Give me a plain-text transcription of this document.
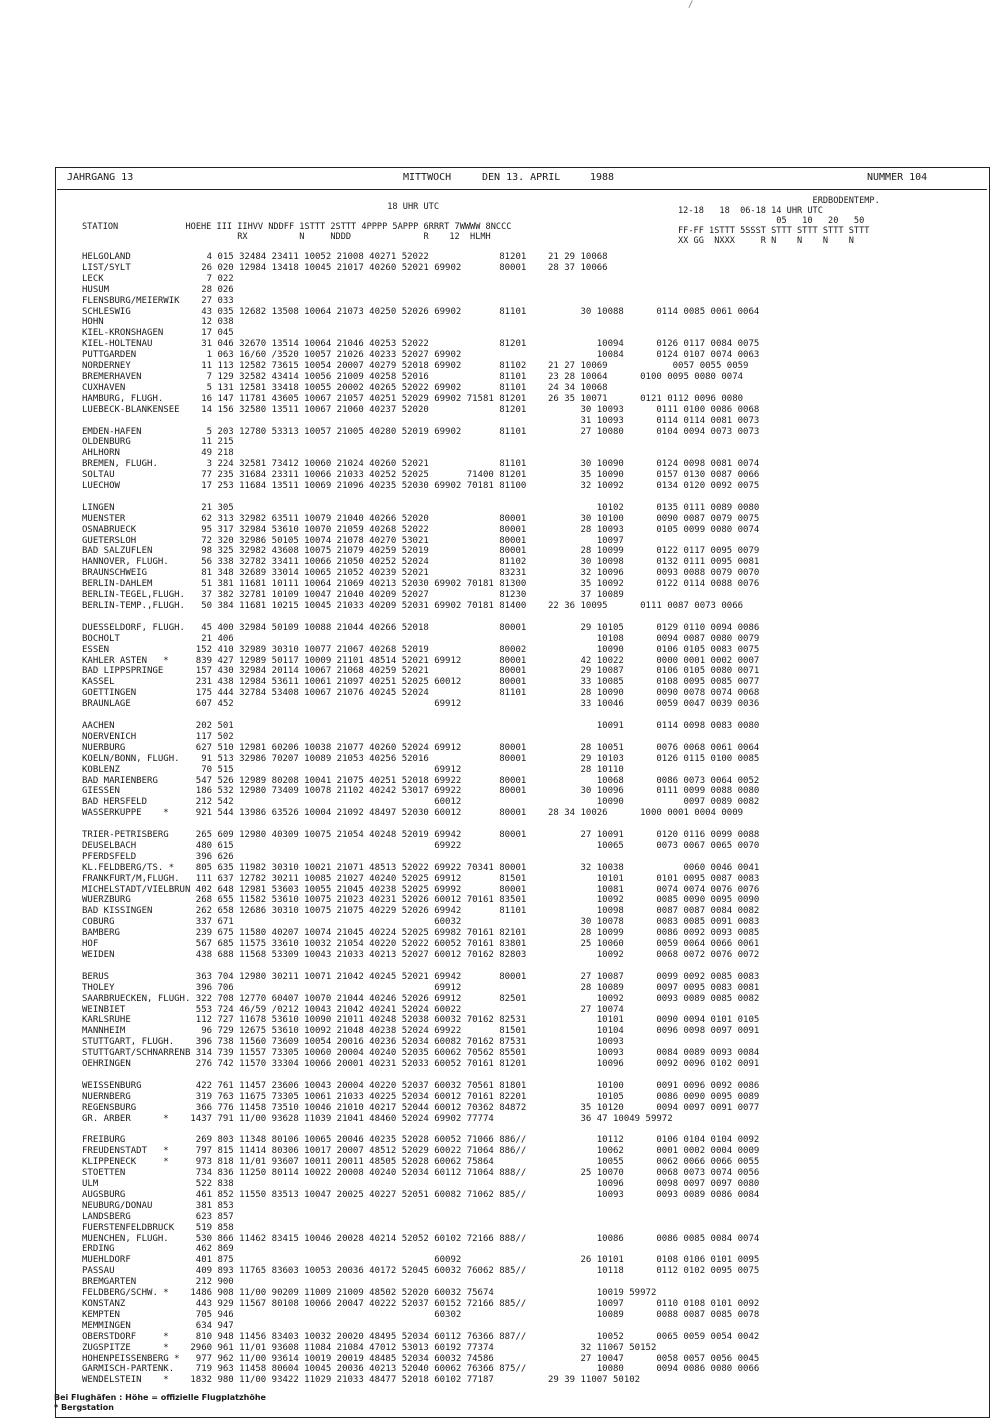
/
JAHRGANG 13	MITTWOCH	DEN 13. APRIL	1988	NUMMER 104
18 UHR UTC

STATION             HOEHE III IIHVV NDDFF 1STTT 2STTT 4PPPP 5APPP 6RRRT 7WWWW 8NCCC
RX          N     NDDD              R    12  HLMH
ERDBODENTEMP.
12-18   18  06-18 14 UHR UTC
05   10   20   50
FF-FF 1STTT 5SSST STTT STTT STTT STTT
XX GG  NXXX     R N    N    N    N
HELGOLAND              4 015 32484 23411 10052 21008 40271 52022             81201    21 29 10068
LIST/SYLT             26 020 12984 13418 10045 21017 40260 52021 69902       80001    28 37 10066
LECK                   7 022
HUSUM                 28 026
FLENSBURG/MEIERWIK    27 033
SCHLESWIG             43 035 12682 13508 10064 21073 40250 52026 69902       81101          30 10088      0114 0085 0061 0064
HOHN                  12 038
KIEL-KRONSHAGEN       17 045
KIEL-HOLTENAU         31 046 32670 13514 10064 21046 40253 52022             81201             10094      0126 0117 0084 0075
PUTTGARDEN             1 063 16/60 /3520 10057 21026 40233 52027 69902                         10084      0124 0107 0074 0063
NORDERNEY             11 113 12582 73615 10054 20007 40279 52018 69902       81102    21 27 10069            0057 0055 0059
BREMERHAVEN            7 129 32582 43414 10056 21009 40258 52016             81101    23 28 10064      0100 0095 0080 0074
CUXHAVEN               5 131 12581 33418 10055 20002 40265 52022 69902       81101    24 34 10068
HAMBURG, FLUGH.       16 147 11781 43605 10067 21057 40251 52029 69902 71581 81201    26 35 10071      0121 0112 0096 0080
LUEBECK-BLANKENSEE    14 156 32580 13511 10067 21060 40237 52020             81201          30 10093      0111 0100 0086 0068
31 10093      0114 0114 0081 0073
EMDEN-HAFEN            5 203 12780 53313 10057 21005 40280 52019 69902       81101          27 10080      0104 0094 0073 0073
OLDENBURG             11 215
AHLHORN               49 218
BREMEN, FLUGH.         3 224 32581 73412 10060 21024 40260 52021             81101          30 10090      0124 0098 0081 0074
SOLTAU                77 235 31684 23311 10066 21033 40252 52025       71400 81201          35 10090      0157 0130 0087 0066
LUECHOW               17 253 11684 13511 10069 21096 40235 52030 69902 70181 81100          32 10092      0134 0120 0092 0075

LINGEN                21 305                                                                   10102      0135 0111 0089 0080
MUENSTER              62 313 32982 63511 10079 21040 40266 52020             80001          30 10100      0090 0087 0079 0075
OSNABRUECK            95 317 32984 53610 10070 21059 40268 52022             80001          28 10093      0105 0099 0080 0074
GUETERSLOH            72 320 32986 50105 10074 21078 40270 53021             80001             10097
BAD SALZUFLEN         98 325 32982 43608 10075 21079 40259 52019             80001          28 10099      0122 0117 0095 0079
HANNOVER, FLUGH.      56 338 32782 33411 10066 21050 40252 52024             81102          30 10098      0132 0111 0095 0081
BRAUNSCHWEIG          81 348 32689 33014 10065 21052 40239 52021             83231          32 10096      0093 0088 0079 0070
BERLIN-DAHLEM         51 381 11681 10111 10064 21069 40213 52030 69902 70181 81300          35 10092      0122 0114 0088 0076
BERLIN-TEGEL,FLUGH.   37 382 32781 10109 10047 21040 40209 52027             81230          37 10089
BERLIN-TEMP.,FLUGH.   50 384 11681 10215 10045 21033 40209 52031 69902 70181 81400    22 36 10095      0111 0087 0073 0066

DUESSELDORF, FLUGH.   45 400 32984 50109 10088 21044 40266 52018             80001          29 10105      0129 0110 0094 0086
BOCHOLT               21 406                                                                   10108      0094 0087 0080 0079
ESSEN                152 410 32989 30310 10077 21067 40268 52019             80002             10090      0106 0105 0083 0075
KAHLER ASTEN   *     839 427 12989 50117 10009 21101 48514 52021 69912       80001          42 10022      0000 0001 0002 0007
BAD LIPPSPRINGE      157 430 32984 20114 10067 21068 40259 52021             80001          29 10087      0106 0105 0080 0071
KASSEL               231 438 12984 53611 10061 21097 40251 52025 60012       80001          33 10085      0108 0095 0085 0077
GOETTINGEN           175 444 32784 53408 10067 21076 40245 52024             81101          28 10090      0090 0078 0074 0068
BRAUNLAGE            607 452                                     69912                      33 10046      0059 0047 0039 0036

AACHEN               202 501                                                                   10091      0114 0098 0083 0080
NOERVENICH           117 502
NUERBURG             627 510 12981 60206 10038 21077 40260 52024 69912       80001          28 10051      0076 0068 0061 0064
KOELN/BONN, FLUGH.    91 513 32986 70207 10089 21053 40256 52016             80001          29 10103      0126 0115 0100 0085
KOBLENZ               70 515                                     69912                      28 10110
BAD MARIENBERG       547 526 12989 80208 10041 21075 40251 52018 69922       80001             10068      0086 0073 0064 0052
GIESSEN              186 532 12980 73409 10078 21102 40242 53017 69922       80001          30 10096      0111 0099 0088 0080
BAD HERSFELD         212 542                                     60012                         10090           0097 0089 0082
WASSERKUPPE    *     921 544 13986 63526 10004 21092 48497 52030 60012       80001    28 34 10026      1000 0001 0004 0009

TRIER-PETRISBERG     265 609 12980 40309 10075 21054 40248 52019 69942       80001          27 10091      0120 0116 0099 0088
DEUSELBACH           480 615                                     69922                         10065      0073 0067 0065 0070
PFERDSFELD           396 626
KL.FELDBERG/TS. *    805 635 11982 30310 10021 21071 48513 52022 69922 70341 80001          32 10038           0060 0046 0041
FRANKFURT/M,FLUGH.   111 637 12782 30211 10085 21027 40240 52025 69912       81501             10101      0101 0095 0087 0083
MICHELSTADT/VIELBRUN 402 648 12981 53603 10055 21045 40238 52025 69992       80001             10081      0074 0074 0076 0076
WUERZBURG            268 655 11582 53610 10075 21023 40231 52026 60012 70161 83501             10092      0085 0090 0095 0090
BAD KISSINGEN        262 658 12686 30310 10075 21075 40229 52026 69942       81101             10098      0087 0087 0084 0082
COBURG               337 671                                     60032                      30 10078      0083 0085 0091 0083
BAMBERG              239 675 11580 40207 10074 21045 40224 52025 69982 70161 82101          28 10099      0086 0092 0093 0085
HOF                  567 685 11575 33610 10032 21054 40220 52022 60052 70161 83801          25 10060      0059 0064 0066 0061
WEIDEN               438 688 11568 53309 10043 21033 40213 52027 60012 70162 82803             10092      0068 0072 0076 0072

BERUS                363 704 12980 30211 10071 21042 40245 52021 69942       80001          27 10087      0099 0092 0085 0083
THOLEY               396 706                                     69912                      28 10089      0097 0095 0083 0081
SAARBRUECKEN, FLUGH. 322 708 12770 60407 10070 21044 40246 52026 69912       82501             10092      0093 0089 0085 0082
WEINBIET             553 724 46/59 /0212 10043 21042 40241 52024 60022                      27 10074
KARLSRUHE            112 727 11678 53610 10090 21011 40248 52038 60032 70162 82531             10101      0090 0094 0101 0105
MANNHEIM              96 729 12675 53610 10092 21048 40238 52024 69922       81501             10104      0096 0098 0097 0091
STUTTGART, FLUGH.    396 738 11560 73609 10054 20016 40236 52034 60082 70162 87531             10093
STUTTGART/SCHNARRENB 314 739 11557 73305 10060 20004 40240 52035 60062 70562 85501             10093      0084 0089 0093 0084
OEHRINGEN            276 742 11570 33304 10066 20001 40231 52033 60052 70161 81201             10096      0092 0096 0102 0091

WEISSENBURG          422 761 11457 23606 10043 20004 40220 52037 60032 70561 81801             10100      0091 0096 0092 0086
NUERNBERG            319 763 11675 73305 10061 21033 40225 52034 60012 70161 82201             10105      0086 0090 0095 0089
REGENSBURG           366 776 11458 73510 10046 21010 40217 52044 60012 70362 84872          35 10120      0094 0097 0091 0077
GR. ARBER      *    1437 791 11/00 93628 11039 21041 48460 52024 69902 77774                36 47 10049 59972

FREIBURG             269 803 11348 80106 10065 20046 40235 52028 60052 71066 886//             10112      0106 0104 0104 0092
FREUDENSTADT   *     797 815 11414 80306 10017 20007 48512 52029 60022 71064 886//             10062      0001 0002 0004 0009
KLIPPENECK     *     973 818 11/01 93607 10011 20011 48505 52028 60062 75864                   10055      0062 0066 0066 0055
STOETTEN             734 836 11250 80114 10022 20008 40240 52034 60112 71064 888//          25 10070      0068 0073 0074 0056
ULM                  522 838                                                                   10096      0098 0097 0097 0080
AUGSBURG             461 852 11550 83513 10047 20025 40227 52051 60082 71062 885//             10093      0093 0089 0086 0084
NEUBURG/DONAU        381 853
LANDSBERG            623 857
FUERSTENFELDBRUCK    519 858
MUENCHEN, FLUGH.     530 866 11462 83415 10046 20028 40214 52052 60102 72166 888//             10086      0086 0085 0084 0074
ERDING               462 869
MUEHLDORF            401 875                                     60092                      26 10101      0108 0106 0101 0095
PASSAU               409 893 11765 83603 10053 20036 40172 52045 60032 76062 885//             10118      0112 0102 0095 0075
BREMGARTEN           212 900
FELDBERG/SCHW. *    1486 908 11/00 90209 11009 21009 48502 52020 60032 75674                   10019 59972
KONSTANZ             443 929 11567 80108 10066 20047 40222 52037 60152 72166 885//             10097      0110 0108 0101 0092
KEMPTEN              705 946                                     60302                         10089      0088 0087 0085 0078
MEMMINGEN            634 947
OBERSTDORF     *     810 948 11456 83403 10032 20020 48495 52034 60112 76366 887//             10052      0065 0059 0054 0042
ZUGSPITZE      *    2960 961 11/01 93608 11084 21084 47012 53013 60192 77374                32 11067 50152
HOHENPEISSENBERG *   977 962 11/00 93614 10019 20019 48485 52034 60032 74586                27 10047      0058 0057 0056 0045
GARMISCH-PARTENK.    719 963 11458 80604 10045 20036 40213 52040 60062 76366 875//             10080      0094 0086 0080 0066
WENDELSTEIN    *    1832 980 11/00 93422 11029 21033 48477 52018 60102 77187          29 39 11007 50102
Bei Flughäfen : Höhe = offizielle Flugplatzhöhe
* Bergstation
